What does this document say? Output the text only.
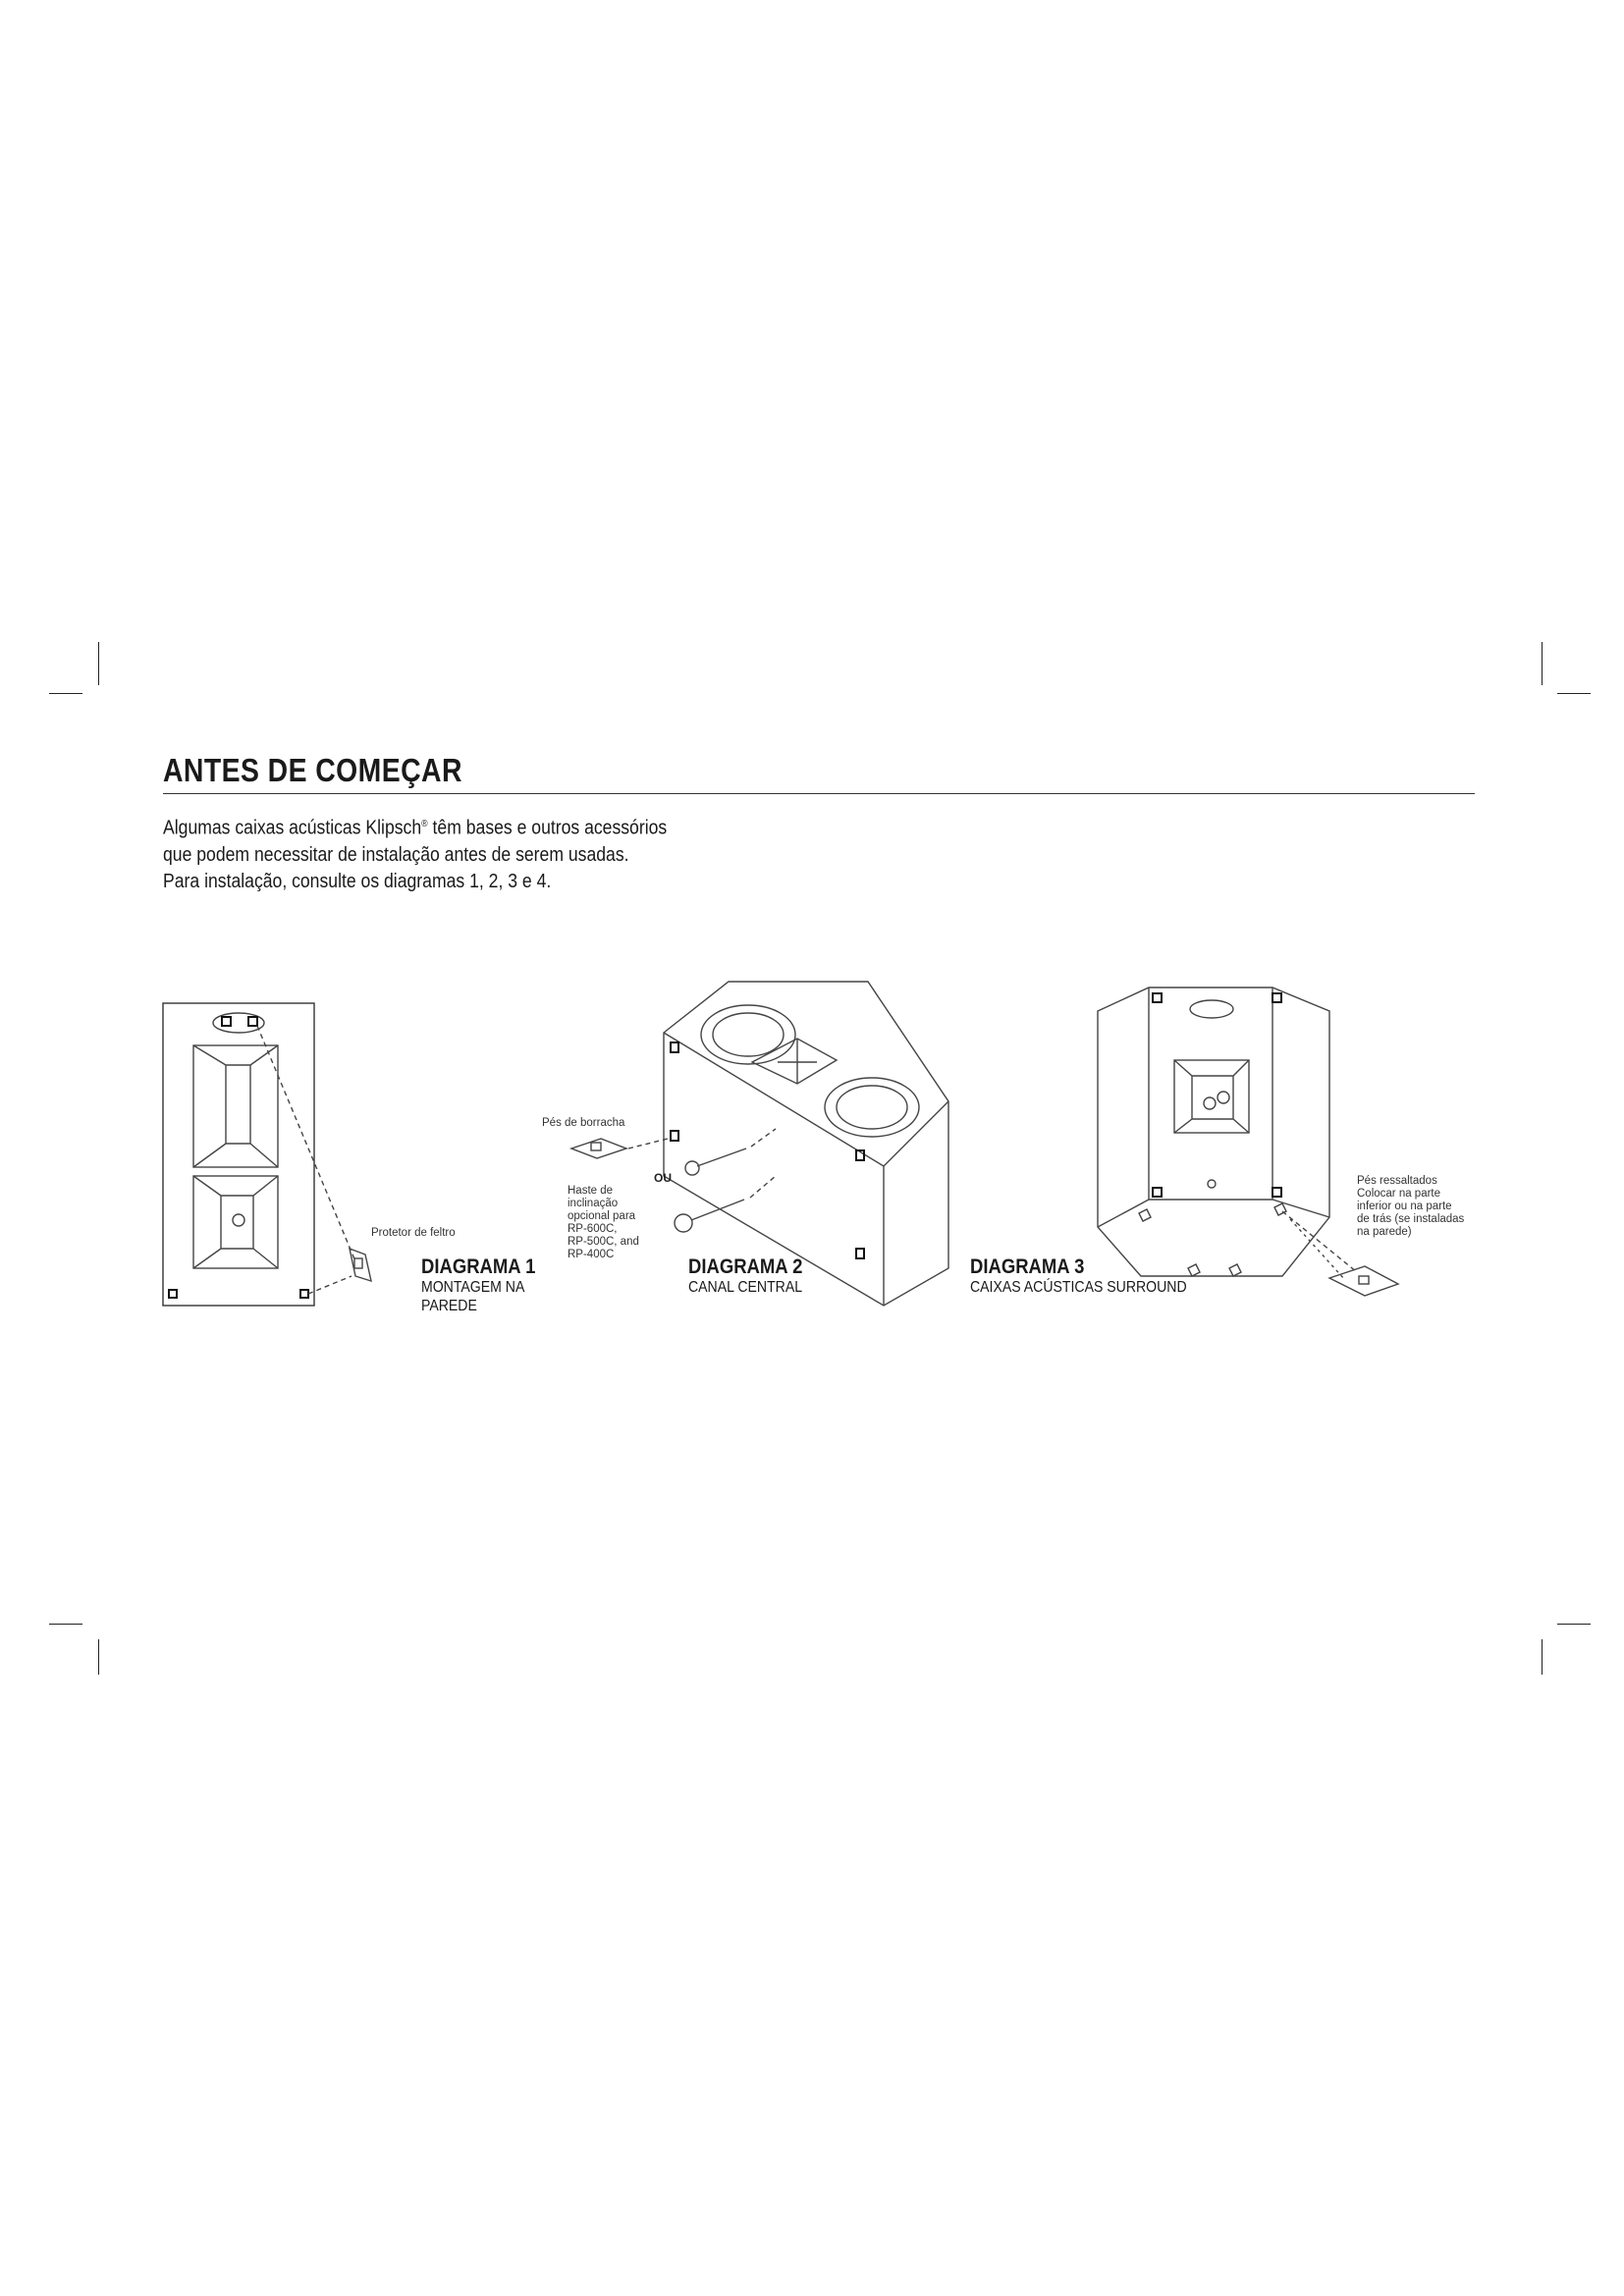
ANTES DE COMEÇAR

Algumas caixas acústicas Klipsch® têm bases e outros acessórios

que podem necessitar de instalação antes de serem usadas.

Para instalação, consulte os diagramas 1, 2, 3 e 4.

Protetor de feltro
Pés de borracha
OU
Haste de
inclinação
opcional para
RP-600C,
RP-500C, and
RP-400C
Pés ressaltados
Colocar na parte
inferior ou na parte
de trás (se instaladas
na parede)
DIAGRAMA 1
MONTAGEM NA
PAREDE
DIAGRAMA 2
CANAL CENTRAL
DIAGRAMA 3
CAIXAS ACÚSTICAS SURROUND
